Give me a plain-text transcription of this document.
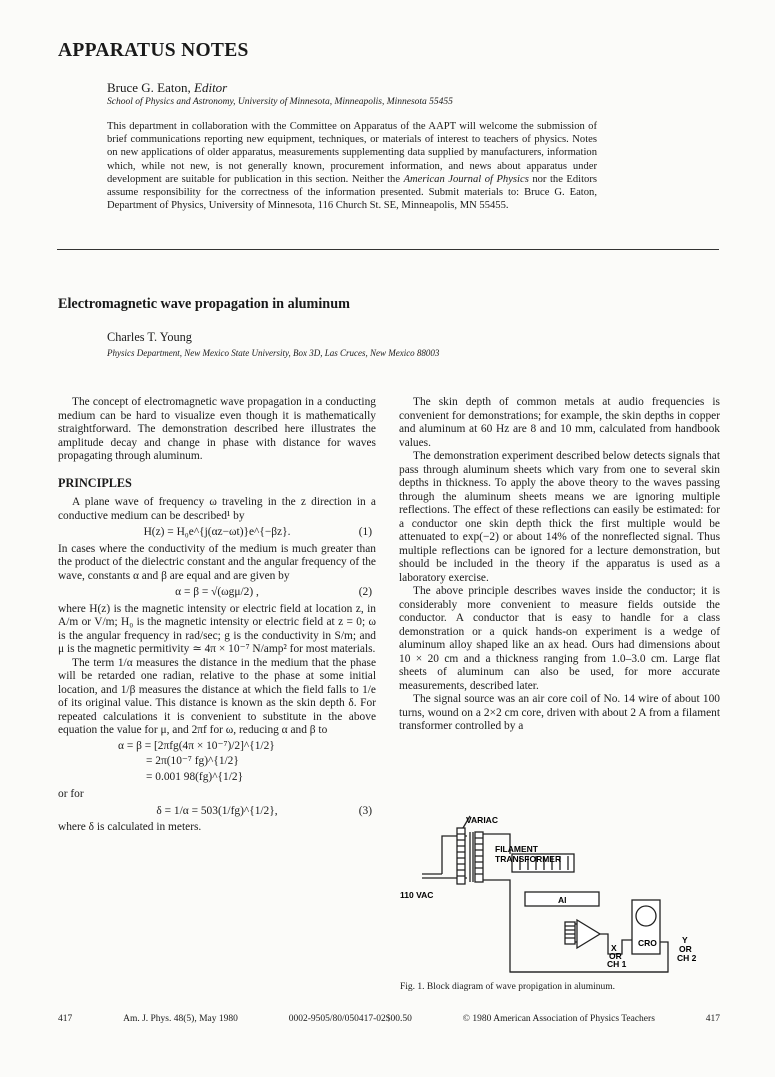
APPARATUS NOTES
Bruce G. Eaton, Editor
School of Physics and Astronomy, University of Minnesota, Minneapolis, Minnesota 55455
This department in collaboration with the Committee on Apparatus of the AAPT will welcome the submission of brief communications reporting new equipment, techniques, or materials of interest to teachers of physics. Notes on new applications of older apparatus, measurements supplementing data supplied by manufacturers, information which, while not new, is not generally known, procurement information, and news about apparatus under development are suitable for publication in this section. Neither the American Journal of Physics nor the Editors assume responsibility for the correctness of the information presented. Submit materials to: Bruce G. Eaton, Department of Physics, University of Minnesota, 116 Church St. SE, Minneapolis, MN 55455.
Electromagnetic wave propagation in aluminum
Charles T. Young
Physics Department, New Mexico State University, Box 3D, Las Cruces, New Mexico 88003

The concept of electromagnetic wave propagation in a conducting medium can be hard to visualize even though it is mathematically straightforward. The demonstration described here illustrates the amplitude decay and change in phase with distance for waves propagating through aluminum.

PRINCIPLES

A plane wave of frequency ω traveling in the z direction in a conductive medium can be described¹ by

H(z) = H₀e^{j(αz−ωt)}e^{−βz}.	(1)

In cases where the conductivity of the medium is much greater than the product of the dielectric constant and the angular frequency of the wave, constants α and β are equal and are given by

α = β = √(ωgμ/2) ,	(2)

where H(z) is the magnetic intensity or electric field at location z, in A/m or V/m; H₀ is the magnetic intensity or electric field at z = 0; ω is the angular frequency in rad/sec; g is the conductivity in S/m; and μ is the magnetic permitivity ≃ 4π × 10⁻⁷ N/amp² for most materials.

The term 1/α measures the distance in the medium that the phase will be retarded one radian, relative to the phase at some initial location, and 1/β measures the distance at which the field falls to 1/e of its original value. This distance is known as the skin depth δ. For repeated calculations it is convenient to substitute in the above equation the value for μ, and 2πf for ω, reducing α and β to

α = β = [2πfg(4π × 10⁻⁷)/2]^{1/2}

= 2π(10⁻⁷ fg)^{1/2}

= 0.001 98(fg)^{1/2}

or for

δ = 1/α = 503(1/fg)^{1/2},	(3)

where δ is calculated in meters.

The skin depth of common metals at audio frequencies is convenient for demonstrations; for example, the skin depths in copper and aluminum at 60 Hz are 8 and 10 mm, calculated from handbook values.

The demonstration experiment described below detects signals that pass through aluminum sheets which vary from one to several skin depths in thickness. To apply the above theory to the waves passing through the aluminum sheets means we are ignoring multiple reflections. The effect of these reflections can easily be estimated: for a conductor one skin depth thick the first multiple would be attenuated to exp(−2) or about 14% of the nonreflected signal. Thus multiple reflections can be ignored for a lecture demonstration, but should be included in the theory if the apparatus is used as a laboratory exercise.

The above principle describes waves inside the conductor; it is considerably more convenient to measure fields outside the conductor. A conductor that is easy to handle for a class demonstration or a quick hands-on experiment is a wedge of aluminum alloy shaped like an ax head. Ours had dimensions about 10 × 20 cm and a thickness ranging from 1.0–3.0 cm. Large flat sheets of aluminum can also be used, for more accurate measurements, described later.

The signal source was an air core coil of No. 14 wire of about 100 turns, wound on a 2×2 cm core, driven with about 2 A from a filament transformer controlled by a

VARIAC
FILAMENT
TRANSFORMER
110 VAC	Al
X
OR
CH 1
CRO	Y
OR
CH 2
Fig. 1. Block diagram of wave propigation in aluminum.
417	Am. J. Phys. 48(5), May 1980	0002-9505/80/050417-02$00.50	© 1980 American Association of Physics Teachers	417
